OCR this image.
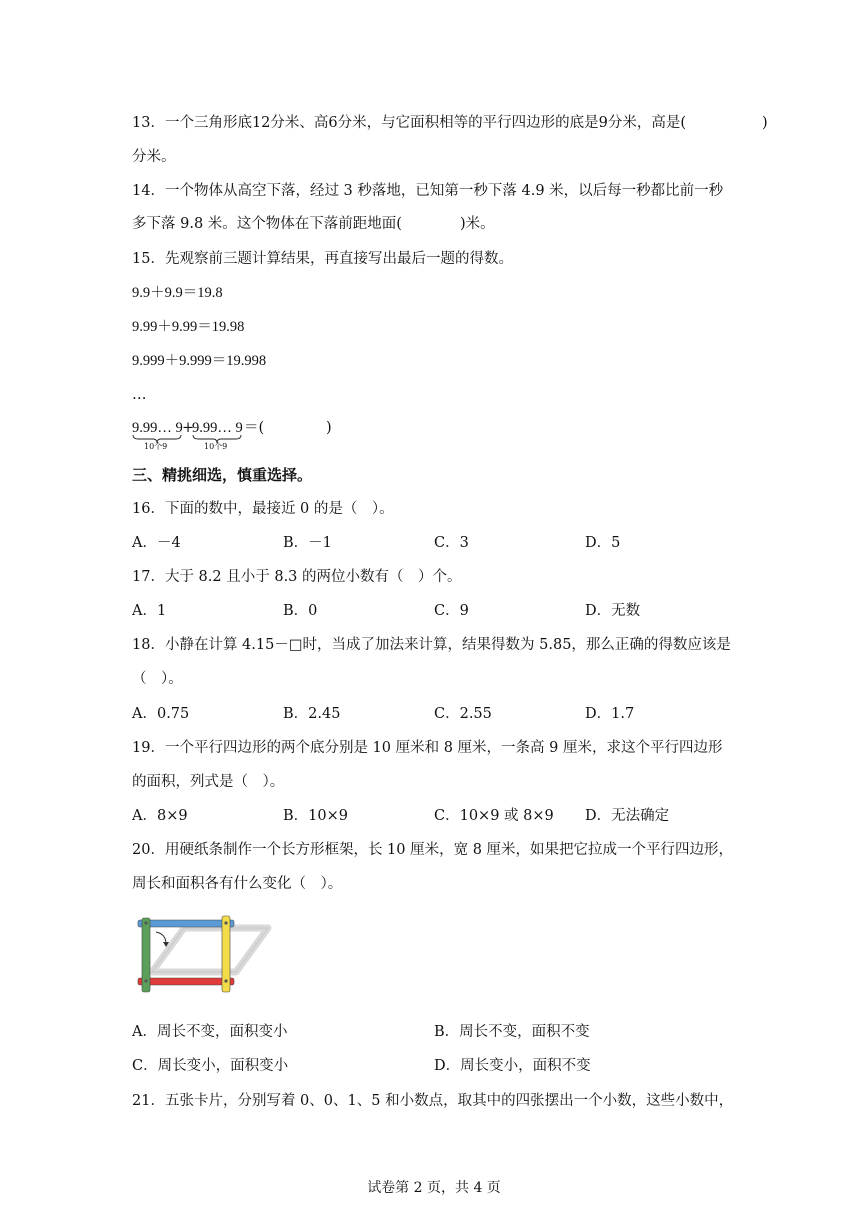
13．一个三角形底12分米、高6分米，与它面积相等的平行四边形的底是9分米，高是(	)
分米。
14．一个物体从高空下落，经过 3 秒落地，已知第一秒下落 4.9 米，以后每一秒都比前一秒
多下落 9.8 米。这个物体在下落前距地面(	)米。
15．先观察前三题计算结果，再直接写出最后一题的得数。
9.9＋9.9＝19.8
9.99＋9.99＝19.98
9.999＋9.999＝19.998
…
9.99… 9
10个9
+
9.99… 9
10个9
＝(	)
三、精挑细选，慎重选择。
16．下面的数中，最接近 0 的是（　）。
A．－4	B．－1	C．3	D．5
17．大于 8.2 且小于 8.3 的两位小数有（　）个。
A．1	B．0	C．9	D．无数
18．小静在计算 4.15－□时，当成了加法来计算，结果得数为 5.85，那么正确的得数应该是
（　）。
A．0.75	B．2.45	C．2.55	D．1.7
19．一个平行四边形的两个底分别是 10 厘米和 8 厘米，一条高 9 厘米，求这个平行四边形
的面积，列式是（　）。
A．8×9	B．10×9	C．10×9 或 8×9 D．无法确定
20．用硬纸条制作一个长方形框架，长 10 厘米，宽 8 厘米，如果把它拉成一个平行四边形，
周长和面积各有什么变化（　）。
A．周长不变，面积变小	B．周长不变，面积不变
C．周长变小，面积变小	D．周长变小，面积不变
21．五张卡片，分别写着 0、0、1、5 和小数点，取其中的四张摆出一个小数，这些小数中，
试卷第 2 页，共 4 页
